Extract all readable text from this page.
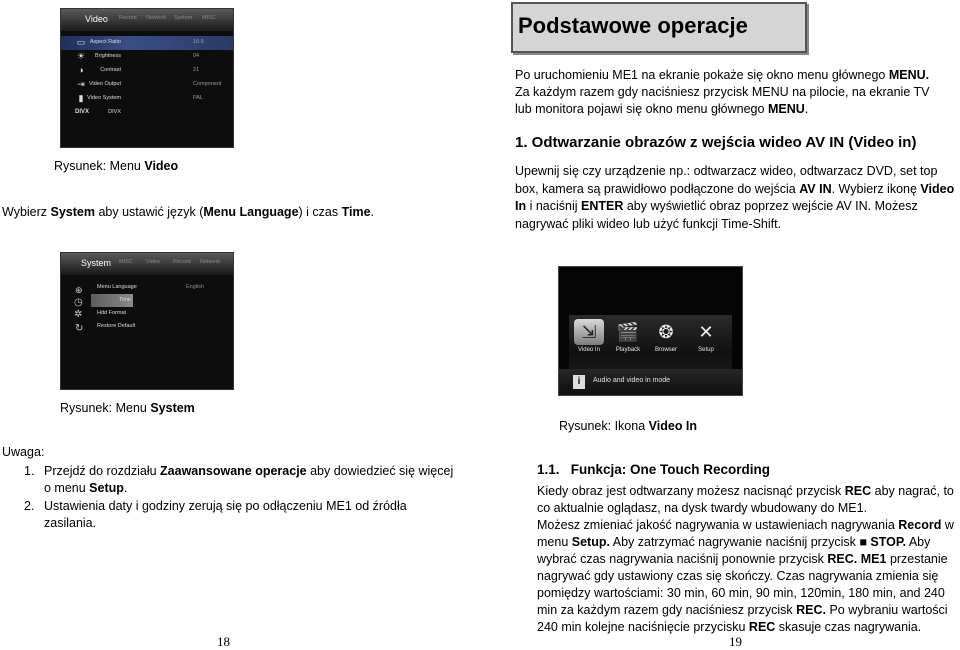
Video Record Network System MISC
▭ Aspect Ratio	16:9
☀	Brightness	04
◑	Contrast	21
⇥ Video Output	Component
▮ Video System	PAL
DIVX	DIVX
Rysunek: Menu Video
Wybierz System aby ustawić język (Menu Language) i czas Time.
System MISC Video Record Network
⊕
◷
✲
↻
Menu Language	English
Time
Hdd Format
Restore Default
Rysunek: Menu System
Uwaga:
1. Przejdź do rozdziału Zaawansowane operacje aby dowiedzieć się więcej o menu Setup.
2. Ustawienia daty i godziny zerują się po odłączeniu ME1 od źródła zasilania.
18
Podstawowe operacje
Po uruchomieniu ME1 na ekranie pokaże się okno menu głównego MENU. Za każdym razem gdy naciśniesz przycisk MENU na pilocie, na ekranie TV lub monitora pojawi się okno menu głównego MENU.
1. Odtwarzanie obrazów z wejścia wideo AV IN (Video in)
Upewnij się czy urządzenie np.: odtwarzacz wideo, odtwarzacz DVD, set top box, kamera są prawidłowo podłączone do wejścia AV IN. Wybierz ikonę Video In i naciśnij ENTER aby wyświetlić obraz poprzez wejście AV IN. Możesz nagrywać pliki wideo lub użyć funkcji Time-Shift.
⇲
Video In
🎬
Playback
❂
Browser
✕
Setup
i	Audio and video in mode
Rysunek: Ikona Video In
1.1.   Funkcja: One Touch Recording
Kiedy obraz jest odtwarzany możesz nacisnąć przycisk REC aby nagrać, to co aktualnie oglądasz, na dysk twardy wbudowany do ME1.
Możesz zmieniać jakość nagrywania w ustawieniach nagrywania Record w menu Setup. Aby zatrzymać nagrywanie naciśnij przycisk ■ STOP. Aby wybrać czas nagrywania naciśnij ponownie przycisk REC. ME1 przestanie nagrywać gdy ustawiony czas się skończy. Czas nagrywania zmienia się pomiędzy wartościami: 30 min, 60 min, 90 min, 120min, 180 min, and 240 min za każdym razem gdy naciśniesz przycisk REC. Po wybraniu wartości 240 min kolejne naciśnięcie przycisku REC skasuje czas nagrywania.
19
